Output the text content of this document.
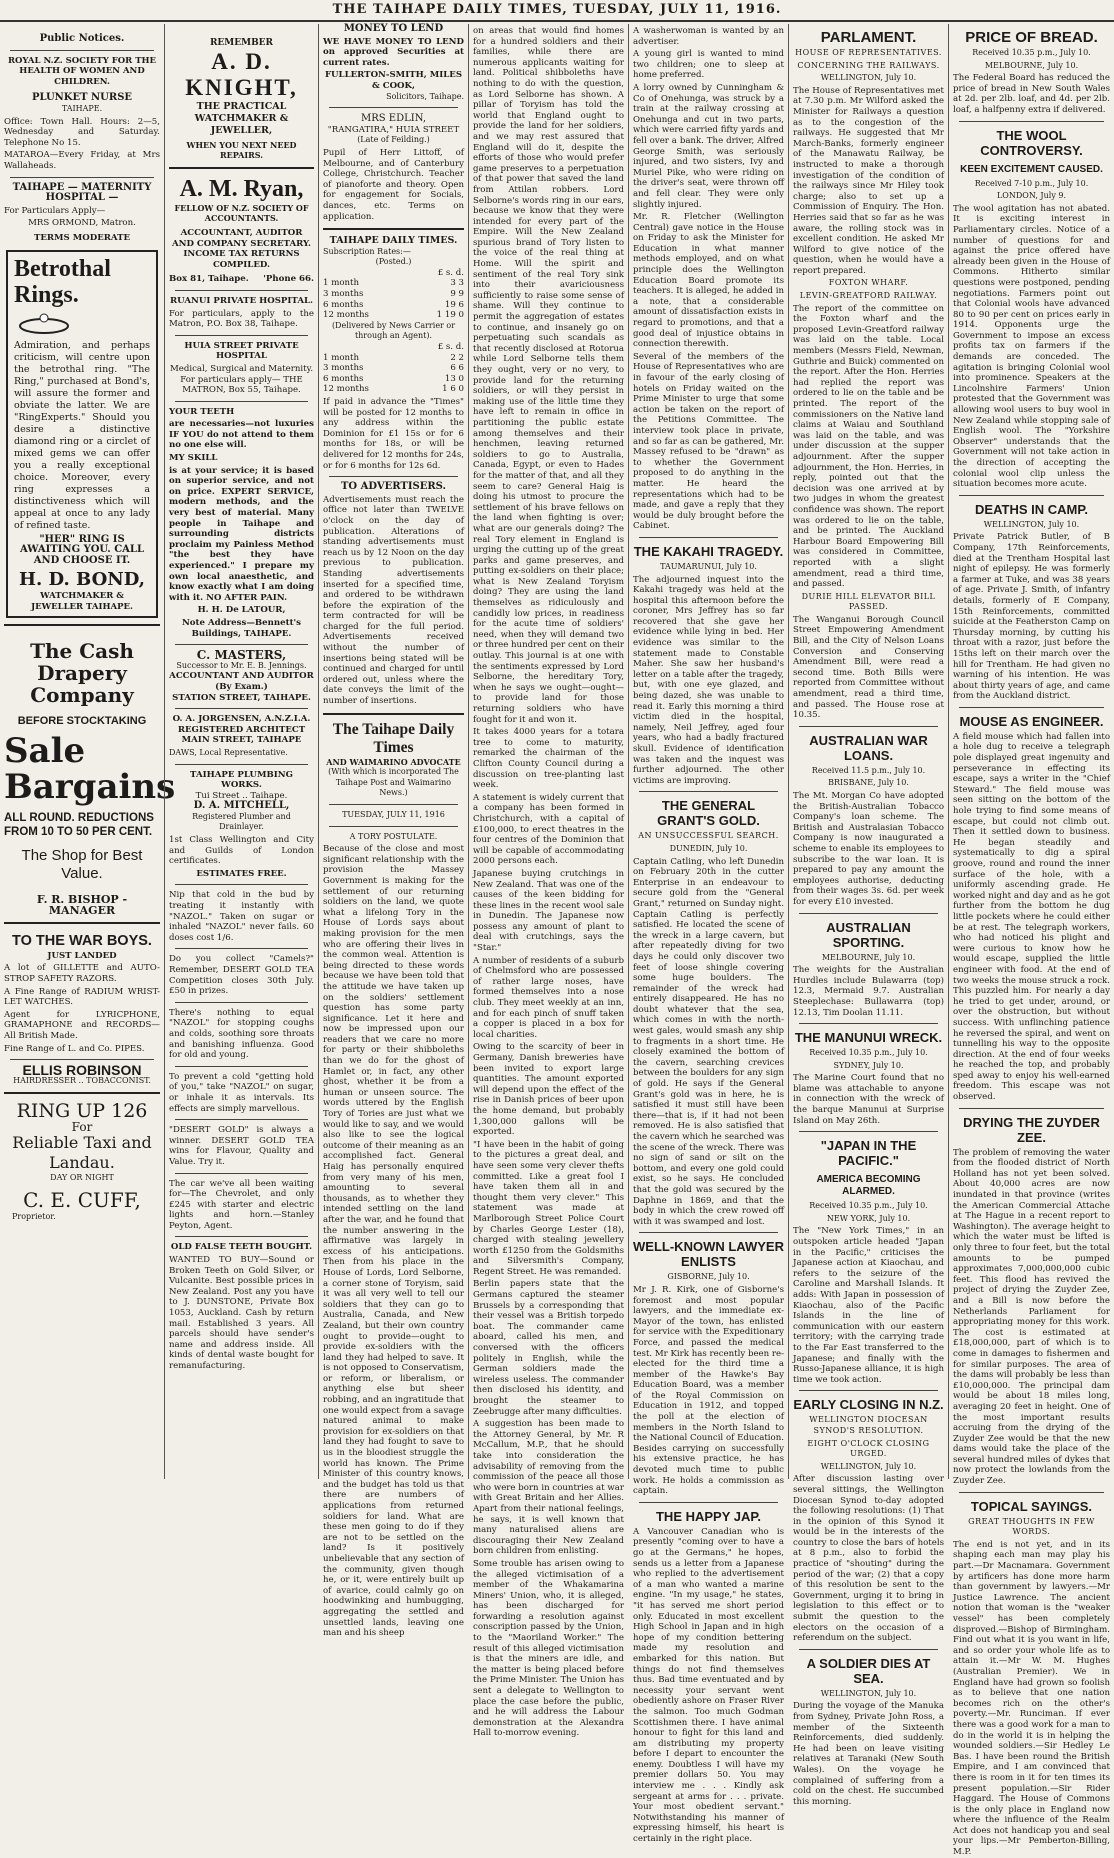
THE TAIHAPE DAILY TIMES, TUESDAY, JULY 11, 1916.
Public Notices.
ROYAL N.Z. SOCIETY FOR THE HEALTH OF WOMEN AND CHILDREN.
PLUNKET NURSE
TAIHAPE.

Office: Town Hall. Hours: 2—5, Wednesday and Saturday. Telephone No 15.

MATAROA—Every Friday, at Mrs Wallaheads.

TAIHAPE — MATERNITY HOSPITAL —

For Particulars Apply—

MRS ORMOND, Matron.
TERMS MODERATE
Betrothal Rings.

Admiration, and perhaps criticism, will centre upon the betrothal ring. "The Ring," purchased at Bond's, will assure the former and obviate the latter. We are "RingExperts." Should you desire a distinctive diamond ring or a circlet of mixed gems we can offer you a really exceptional choice. Moreover, every ring expresses a distinctiveness which will appeal at once to any lady of refined taste.

"HER" RING IS AWAITING YOU. CALL AND CHOOSE IT.
H. D. BOND,
WATCHMAKER & JEWELLER TAIHAPE.
The Cash Drapery Company
BEFORE STOCKTAKING
Sale
Bargains
ALL ROUND. REDUCTIONS FROM 10 TO 50 PER CENT.
The Shop for Best Value.
F. R. BISHOP - MANAGER
TO THE WAR BOYS.
JUST LANDED

A lot of GILLETTE and AUTO-STROP SAFETY RAZORS.

A Fine Range of RADIUM WRIST-LET WATCHES.

Agent for LYRICPHONE, GRAMAPHONE and RECORDS—All British Made.

Fine Range of L. and Co. PIPES.

ELLIS ROBINSON
HAIRDRESSER .. TOBACCONIST.
RING UP 126
For
Reliable Taxi and Landau.
DAY OR NIGHT
C. E. CUFF,
Proprietor.
REMEMBER
A. D. KNIGHT,
THE PRACTICAL WATCHMAKER & JEWELLER,
WHEN YOU NEXT NEED REPAIRS.
A. M. Ryan,
FELLOW OF N.Z. SOCIETY OF ACCOUNTANTS.
ACCOUNTANT, AUDITOR AND COMPANY SECRETARY.
INCOME TAX RETURNS COMPILED.
Box 81, Taihape. 'Phone 66.
RUANUI PRIVATE HOSPITAL.

For particulars, apply to the Matron, P.O. Box 38, Taihape.

HUIA STREET PRIVATE HOSPITAL

Medical, Surgical and Maternity. For particulars apply— THE MATRON, Box 55, Taihape.

YOUR TEETH

are necessaries—not luxuries IF YOU do not attend to them no one else will.

MY SKILL

is at your service; it is based on superior service, and not on price. EXPERT SERVICE, modern methods, and the very best of material. Many people in Taihape and surrounding districts proclaim my Painless Method "the best they have experienced." I prepare my own local anaesthetic, and know exactly what I am doing with it. NO AFTER PAIN.

H. H. De LATOUR,

Note Address—Bennett's Buildings, TAIHAPE.

C. MASTERS,
Successor to Mr. E. B. Jennings.
ACCOUNTANT AND AUDITOR (By Exam.)
STATION STREET, TAIHAPE.
O. A. JORGENSEN, A.N.Z.I.A.
REGISTERED ARCHITECT
MAIN STREET, TAIHAPE
DAWS, Local Representative.
TAIHAPE PLUMBING WORKS.
Tui Street .. Taihape.
D. A. MITCHELL,
Registered Plumber and Drainlayer.

1st Class Wellington and City and Guilds of London certificates.

ESTIMATES FREE.

Nip that cold in the bud by treating it instantly with "NAZOL." Taken on sugar or inhaled "NAZOL" never fails. 60 doses cost 1/6.

Do you collect "Camels?" Remember, DESERT GOLD TEA Competition closes 30th July. £50 in prizes.

There's nothing to equal "NAZOL" for stopping coughs and colds, soothing sore throats and banishing influenza. Good for old and young.

To prevent a cold "getting hold of you," take "NAZOL" on sugar, or inhale it as intervals. Its effects are simply marvellous.

"DESERT GOLD" is always a winner. DESERT GOLD TEA wins for Flavour, Quality and Value. Try it.

The car we've all been waiting for—The Chevrolet, and only £245 with starter and electric lights and horn.—Stanley Peyton, Agent.

OLD FALSE TEETH BOUGHT.

WANTED TO BUY—Sound or Broken Teeth on Gold Silver, or Vulcanite. Best possible prices in New Zealand. Post any you have to J. DUNSTONE, Private Box 1053, Auckland. Cash by return mail. Established 3 years. All parcels should have sender's name and address inside. All kinds of dental waste bought for remanufacturing.

MONEY TO LEND

WE HAVE MONEY TO LEND on approved Securities at current rates.

FULLERTON-SMITH, MILES & COOK,
Solicitors, Taihape.
MRS EDLIN,
"RANGATIRA," HUIA STREET
(Late of Feilding.)

Pupil of Herr Littoff, of Melbourne, and of Canterbury College, Christchurch. Teacher of pianoforte and theory. Open for engagement for Socials, dances, etc. Terms on application.

TAIHAPE DAILY TIMES.
Subscription Rates:—
(Posted.)
£ s. d.
1 month	3 3
3 months	9 9
6 months	19 6
12 months	1 19 0
(Delivered by News Carrier or through an Agent).
£ s. d.
1 month	2 2
3 months	6 6
6 months	13 0
12 months	1 6 0

If paid in advance the "Times" will be posted for 12 months to any address within the Dominion for £1 15s or for 6 months for 18s, or will be delivered for 12 months for 24s, or for 6 months for 12s 6d.

TO ADVERTISERS.

Advertisements must reach the office not later than TWELVE o'clock on the day of publication. Alterations of standing advertisements must reach us by 12 Noon on the day previous to publication. Standing advertisements inserted for a specified time, and ordered to be withdrawn before the expiration of the term contracted for will be charged for the full period. Advertisements received without the number of insertions being stated will be continued and charged for until ordered out, unless where the date conveys the limit of the number of insertions.

The Taihape Daily Times
AND WAIMARINO ADVOCATE
(With which is incorporated The Taihape Post and Waimarino News.)
TUESDAY, JULY 11, 1916
A TORY POSTULATE.

Because of the close and most significant relationship with the provision the Massey Government is making for the settlement of our returning soldiers on the land, we quote what a lifelong Tory in the House of Lords says about making provision for the men who are offering their lives in the common weal. Attention is being directed to these words because we have been told that the attitude we have taken up on the soldiers' settlement question has some party significance. Let it here and now be impressed upon our readers that we care no more for party or their shibboleths than we do for the ghost of Hamlet or, in fact, any other ghost, whether it be from a human or unseen source. The words uttered by the English Tory of Tories are just what we would like to say, and we would also like to see the logical outcome of their meaning as an accomplished fact. General Haig has personally enquired from very many of his men, amounting to several thousands, as to whether they intended settling on the land after the war, and he found that the number answering in the affirmative was largely in excess of his anticipations. Then from his place in the House of Lords, Lord Selborne, a corner stone of Toryism, said it was all very well to tell our soldiers that they can go to Australia, Canada, and New Zealand, but their own country ought to provide—ought to provide ex-soldiers with the land they had helped to save. It is not opposed to Conservatism, or reform, or liberalism, or anything else but sheer robbing, and an ingratitude that one would expect from a savage natured animal to make provision for ex-soldiers on that land they had fought to save to us in the bloodiest struggle the world has known. The Prime Minister of this country knows, and the budget has told us that there are numbers of applications from returned soldiers for land. What are these men going to do if they are not to be settled on the land? Is it positively unbelievable that any section of the community, given though he, or it, were entirely built up of avarice, could calmly go on hoodwinking and humbugging, aggregating the settled and unsettled lands, leaving one man and his sheep

on areas that would find homes for a hundred soldiers and their families, while there are numerous applicants waiting for land. Political shibboleths have nothing to do with the question, as Lord Selborne has shown. A pillar of Toryism has told the world that England ought to provide the land for her soldiers, and we may rest assured that England will do it, despite the efforts of those who would prefer game preserves to a perpetuation of that power that saved the land from Attilan robbers. Lord Selborne's words ring in our ears, because we know that they were intended for every part of the Empire. Will the New Zealand spurious brand of Tory listen to the voice of the real thing at Home. Will the spirit and sentiment of the real Tory sink into their avariciousness sufficiently to raise some sense of shame. Will they continue to permit the aggregation of estates to continue, and insanely go on perpetuating such scandals as that recently disclosed at Rotorua while Lord Selborne tells them they ought, very or no very, to provide land for the returning soldiers, or will they persist in making use of the little time they have left to remain in office in partitioning the public estate among themselves and their henchmen, leaving returned soldiers to go to Australia, Canada, Egypt, or even to Hades for the matter of that, and all they seem to care? General Haig is doing his utmost to procure the settlement of his brave fellows on the land when fighting is over; what are our generals doing? The real Tory element in England is urging the cutting up of the great parks and game preserves, and putting ex-soldiers on their place; what is New Zealand Toryism doing? They are using the land themselves as ridiculously and candidly low prices, in readiness for the acute time of soldiers' need, when they will demand two or three hundred per cent on their outlay. This journal is at one with the sentiments expressed by Lord Selborne, the hereditary Tory, when he says we ought—ought—to provide land for those returning soldiers who have fought for it and won it.

It takes 4000 years for a totara tree to come to maturity, remarked the chairman of the Clifton County Council during a discussion on tree-planting last week.

A statement is widely current that a company has been formed in Christchurch, with a capital of £100,000, to erect theatres in the four centres of the Dominion that will be capable of accommodating 2000 persons each.

Japanese buying crutchings in New Zealand. That was one of the causes of the keen bidding for these lines in the recent wool sale in Dunedin. The Japanese now possess any amount of plant to deal with crutchings, says the "Star."

A number of residents of a suburb of Chelmsford who are possessed of rather large noses, have formed themselves into a nose club. They meet weekly at an inn, and for each pinch of snuff taken a copper is placed in a box for local charities.

Owing to the scarcity of beer in Germany, Danish breweries have been invited to export large quantities. The amount exported will depend upon the effect of the rise in Danish prices of beer upon the home demand, but probably 1,300,000 gallons will be exported.

"I have been in the habit of going to the pictures a great deal, and have seen some very clever thefts committed. Like a great fool I have taken them all in and thought them very clever." This statement was made at Marlborough Street Police Court by Charles George Lester (18), charged with stealing jewellery worth £1250 from the Goldsmiths and Silversmith's Company, Regent Street. He was remanded.

Berlin papers state that the Germans captured the steamer Brussels by a corresponding that their vessel was a British torpedo boat. The commander came aboard, called his men, and conversed with the officers politely in English, while the German soldiers made the wireless useless. The commander then disclosed his identity, and brought the steamer to Zeebrugge after many difficulties.

A suggestion has been made to the Attorney General, by Mr. R McCallum, M.P., that he should take into consideration the advisability of removing from the commission of the peace all those who were born in countries at war with Great Britain and her Allies. Apart from their national feelings, he says, it is well known that many naturalised aliens are discouraging their New Zealand born children from enlisting.

Some trouble has arisen owing to the alleged victimisation of a member of the Whakamarina Miners' Union, who, it is alleged, has been discharged for forwarding a resolution against conscription passed by the Union, to the "Maoriland Worker." The result of this alleged victimisation is that the miners are idle, and the matter is being placed before the Prime Minister. The Union has sent a delegate to Wellington to place the case before the public, and he will address the Labour demonstration at the Alexandra Hall to-morrow evening.

A washerwoman is wanted by an advertiser.

A young girl is wanted to mind two children; one to sleep at home preferred.

A lorry owned by Cunningham & Co of Onehunga, was struck by a train at the railway crossing at Onehunga and cut in two parts, which were carried fifty yards and fell over a bank. The driver, Alfred George Smith, was seriously injured, and two sisters, Ivy and Muriel Pike, who were riding on the driver's seat, were thrown off and fell clear. They were only slightly injured.

Mr. R. Fletcher (Wellington Central) gave notice in the House on Friday to ask the Minister for Education in what manner methods employed, and on what principle does the Wellington Education Board promote its teachers. It is alleged, he added in a note, that a considerable amount of dissatisfaction exists in regard to promotions, and that a good deal of injustice obtains in connection therewith.

Several of the members of the House of Representatives who are in favour of the early closing of hotels on Friday waited on the Prime Minister to urge that some action be taken on the report of the Petitions Committee. The interview took place in private, and so far as can be gathered, Mr. Massey refused to be "drawn" as to whether the Government proposed to do anything in the matter. He heard the representations which had to be made, and gave a reply that they would be duly brought before the Cabinet.

THE KAKAHI TRAGEDY.
TAUMARUNUI, July 10.

The adjourned inquest into the Kakahi tragedy was held at the hospital this afternoon before the coroner, Mrs Jeffrey has so far recovered that she gave her evidence while lying in bed. Her evidence was similar to the statement made to Constable Maher. She saw her husband's letter on a table after the tragedy, but, with one eye glazed, and being dazed, she was unable to read it. Early this morning a third victim died in the hospital, namely, Neil Jeffrey, aged four years, who had a badly fractured skull. Evidence of identification was taken and the inquest was further adjourned. The other victims are improving.

THE GENERAL GRANT'S GOLD.
AN UNSUCCESSFUL SEARCH.
DUNEDIN, July 10.

Captain Catling, who left Dunedin on February 20th in the cutter Enterprise in an endeavour to secure gold from the "General Grant," returned on Sunday night. Captain Catling is perfectly satisfied. He located the scene of the wreck in a large cavern, but after repeatedly diving for two days he could only discover two feet of loose shingle covering some huge boulders. The remainder of the wreck had entirely disappeared. He has no doubt whatever that the sea, which comes in with the north-west gales, would smash any ship to fragments in a short time. He closely examined the bottom of the cavern, searching crevices between the boulders for any sign of gold. He says if the General Grant's gold was in here, he is satisfied it must still have been there—that is, if it had not been removed. He is also satisfied that the cavern which he searched was the scene of the wreck. There was no sign of sand or silt on the bottom, and every one gold could exist, so he says. He concluded that the gold was secured by the Daphne in 1869, and that the body in which the crew rowed off with it was swamped and lost.

WELL-KNOWN LAWYER ENLISTS
GISBORNE, July 10.

Mr J. R. Kirk, one of Gisborne's foremost and most popular lawyers, and the immediate ex-Mayor of the town, has enlisted for service with the Expeditionary Force, and passed the medical test. Mr Kirk has recently been re-elected for the third time a member of the Hawke's Bay Education Board, was a member of the Royal Commission on Education in 1912, and topped the poll at the election of members in the North Island to the National Council of Education. Besides carrying on successfully his extensive practice, he has devoted much time to public work. He holds a commission as captain.

THE HAPPY JAP.

A Vancouver Canadian who is presently "coming over to have a go at the Germans," he hopes, sends us a letter from a Japanese who replied to the advertisement of a man who wanted a marine engine. "In my usage," he states, "it has served me short period only. Educated in most excellent High School in Japan and in high hope of my condition bettering made my resolution and embarked for this nation. But things do not find themselves thus. Bad time eventuated and by necessity your servant went obediently ashore on Fraser River the salmon. Too much Godman Scottishmen there. I have animal honour to fight for this land and am distributing my property before I depart to encounter the enemy. Doubtless I will have my premier dollars 50. You may interview me . . . Kindly ask sergeant at arms for . . . private. Your most obedient servant." Notwithstanding his manner of expressing himself, his heart is certainly in the right place.

PARLAMENT.
HOUSE OF REPRESENTATIVES.
CONCERNING THE RAILWAYS.
WELLINGTON, July 10.

The House of Representatives met at 7.30 p.m. Mr Wilford asked the Minister for Railways a question as to the congestion of the railways. He suggested that Mr March-Banks, formerly engineer of the Manawatu Railway, be instructed to make a thorough investigation of the condition of the railways since Mr Hiley took charge; also to set up a Commission of Enquiry. The Hon. Herries said that so far as he was aware, the rolling stock was in excellent condition. He asked Mr Wilford to give notice of the question, when he would have a report prepared.

FOXTON WHARF.
LEVIN-GREATFORD RAILWAY.

The report of the committee on the Foxton wharf and the proposed Levin-Greatford railway was laid on the table. Local members (Messrs Field, Newman, Guthrie and Buick) commented on the report. After the Hon. Herries had replied the report was ordered to lie on the table and be printed. The report of the commissioners on the Native land claims at Waiau and Southland was laid on the table, and was under discussion at the supper adjournment. After the supper adjournment, the Hon. Herries, in reply, pointed out that the decision was one arrived at by two judges in whom the greatest confidence was shown. The report was ordered to lie on the table, and be printed. The Auckland Harbour Board Empowering Bill was considered in Committee, reported with a slight amendment, read a third time, and passed.

DURIE HILL ELEVATOR BILL PASSED.

The Wanganui Borough Council Street Empowering Amendment Bill, and the City of Nelson Loans Conversion and Conserving Amendment Bill, were read a second time. Both Bills were reported from Committee without amendment, read a third time, and passed. The House rose at 10.35.

AUSTRALIAN WAR LOANS.
Received 11.5 p.m., July 10.
BRISBANE, July 10.

The Mt. Morgan Co have adopted the British-Australian Tobacco Company's loan scheme. The British and Australasian Tobacco Company is now inaugurated a scheme to enable its employees to subscribe to the war loan. It is prepared to pay any amount the employees authorise, deducting from their wages 3s. 6d. per week for every £10 invested.

AUSTRALIAN SPORTING.
MELBOURNE, July 10.

The weights for the Australian Hurdles include Bulawarra (top) 12.3, Mermaid 9.7. Australian Steeplechase: Bullawarra (top) 12.13, Tim Doolan 11.11.

THE MANUNUI WRECK.
Received 10.35 p.m., July 10.
SYDNEY, July 10.

The Marine Court found that no blame was attachable to anyone in connection with the wreck of the barque Manunui at Surprise Island on May 26th.

"JAPAN IN THE PACIFIC."
AMERICA BECOMING ALARMED.
Received 10.35 p.m., July 10.
NEW YORK, July 10.

The "New York Times," in an outspoken article headed "Japan in the Pacific," criticises the Japanese action at Kiaochau, and refers to the seizure of the Caroline and Marshall Islands. It adds: With Japan in possession of Kiaochau, also of the Pacific Islands in the line of communication with our eastern territory; with the carrying trade to the Far East transferred to the Japanese; and finally with the Russo-Japanese alliance, it is high time we took action.

EARLY CLOSING IN N.Z.
WELLINGTON DIOCESAN SYNOD'S RESOLUTION.
EIGHT O'CLOCK CLOSING URGED.
WELLINGTON, July 10.

After discussion lasting over several sittings, the Wellington Diocesan Synod to-day adopted the following resolutions: (1) That in the opinion of this Synod it would be in the interests of the country to close the bars of hotels at 8 p.m., also to forbid the practice of "shouting" during the period of the war; (2) that a copy of this resolution be sent to the Government, urging it to bring in legislation to this effect or to submit the question to the electors on the occasion of a referendum on the subject.

A SOLDIER DIES AT SEA.
WELLINGTON, July 10.

During the voyage of the Manuka from Sydney, Private John Ross, a member of the Sixteenth Reinforcements, died suddenly. He had been on leave visiting relatives at Taranaki (New South Wales). On the voyage he complained of suffering from a cold on the chest. He succumbed this morning.

PRICE OF BREAD.
Received 10.35 p.m., July 10.
MELBOURNE, July 10.

The Federal Board has reduced the price of bread in New South Wales at 2d. per 2lb. loaf, and 4d. per 2lb. loaf, a halfpenny extra if delivered.

THE WOOL CONTROVERSY.
KEEN EXCITEMENT CAUSED.
Received 7-10 p.m., July 10.
LONDON, July 9.

The wool agitation has not abated. It is exciting interest in Parliamentary circles. Notice of a number of questions for and against the price offered have already been given in the House of Commons. Hitherto similar questions were postponed, pending negotiations. Farmers point out that Colonial wools have advanced 80 to 90 per cent on prices early in 1914. Opponents urge the Government to impose an excess profits tax on farmers if the demands are conceded. The agitation is bringing Colonial wool into prominence. Speakers at the Lincolnshire Farmers' Union protested that the Government was allowing wool users to buy wool in New Zealand while stopping sale of English wool. The "Yorkshire Observer" understands that the Government will not take action in the direction of accepting the colonial wool clip unless the situation becomes more acute.

DEATHS IN CAMP.
WELLINGTON, July 10.

Private Patrick Butler, of B Company, 17th Reinforcements, died at the Trentham Hospital last night of epilepsy. He was formerly a farmer at Tuke, and was 38 years of age. Private J. Smith, of infantry details, formerly of E Company, 15th Reinforcements, committed suicide at the Featherston Camp on Thursday morning, by cutting his throat with a razor, just before the 15ths left on their march over the hill for Trentham. He had given no warning of his intention. He was about thirty years of age, and came from the Auckland district.

MOUSE AS ENGINEER.

A field mouse which had fallen into a hole dug to receive a telegraph pole displayed great ingenuity and perseverance in effecting its escape, says a writer in the "Chief Steward." The field mouse was seen sitting on the bottom of the hole trying to find some means of escape, but could not climb out. Then it settled down to business. He began steadily and systematically to dig a spiral groove, round and round the inner surface of the hole, with a uniformly ascending grade. He worked night and day and as he got further from the bottom he dug little pockets where he could either be at rest. The telegraph workers, who had noticed his plight and were curious to know how he would escape, supplied the little engineer with food. At the end of two weeks the mouse struck a rock. This puzzled him. For nearly a day he tried to get under, around, or over the obstruction, but without success. With unflinching patience he reversed the spiral, and went on tunnelling his way to the opposite direction. At the end of four weeks he reached the top, and probably sped away to enjoy his well-earned freedom. This escape was not observed.

DRYING THE ZUYDER ZEE.

The problem of removing the water from the flooded district of North Holland has not yet been solved. About 40,000 acres are now inundated in that province (writes the American Commercial Attache at The Hague in a recent report to Washington). The average height to which the water must be lifted is only three to four feet, but the total amounts to be pumped approximates 7,000,000,000 cubic feet. This flood has revived the project of drying the Zuyder Zee, and a Bill is now before the Netherlands Parliament for appropriating money for this work. The cost is estimated at £18,000,000, part of which is to come in damages to fishermen and for similar purposes. The area of the dams will probably be less than £10,000,000. The principal dam would be about 18 miles long, averaging 20 feet in height. One of the most important results accruing from the drying of the Zuyder Zee would be that the new dams would take the place of the several hundred miles of dykes that now protect the lowlands from the Zuyder Zee.

TOPICAL SAYINGS.
GREAT THOUGHTS IN FEW WORDS.

The end is not yet, and in its shaping each man may play his part.—Dr Macnamara. Government by artificers has done more harm than government by lawyers.—Mr Justice Lawrence. The ancient notion that woman is the "weaker vessel" has been completely disproved.—Bishop of Birmingham. Find out what it is you want in life, and so order your whole life as to attain it.—Mr W. M. Hughes (Australian Premier). We in England have had grown so foolish as to believe that one nation becomes rich on the other's poverty.—Mr. Runciman. If ever there was a good work for a man to do in the world it is in helping the wounded soldiers.—Sir Hedley Le Bas. I have been round the British Empire, and I am convinced that there is room in it for ten times its present population.—Sir Rider Haggard. The House of Commons is the only place in England now where the influence of the Realm Act does not handicap you and seal your lips.—Mr Pemberton-Billing, M.P.
